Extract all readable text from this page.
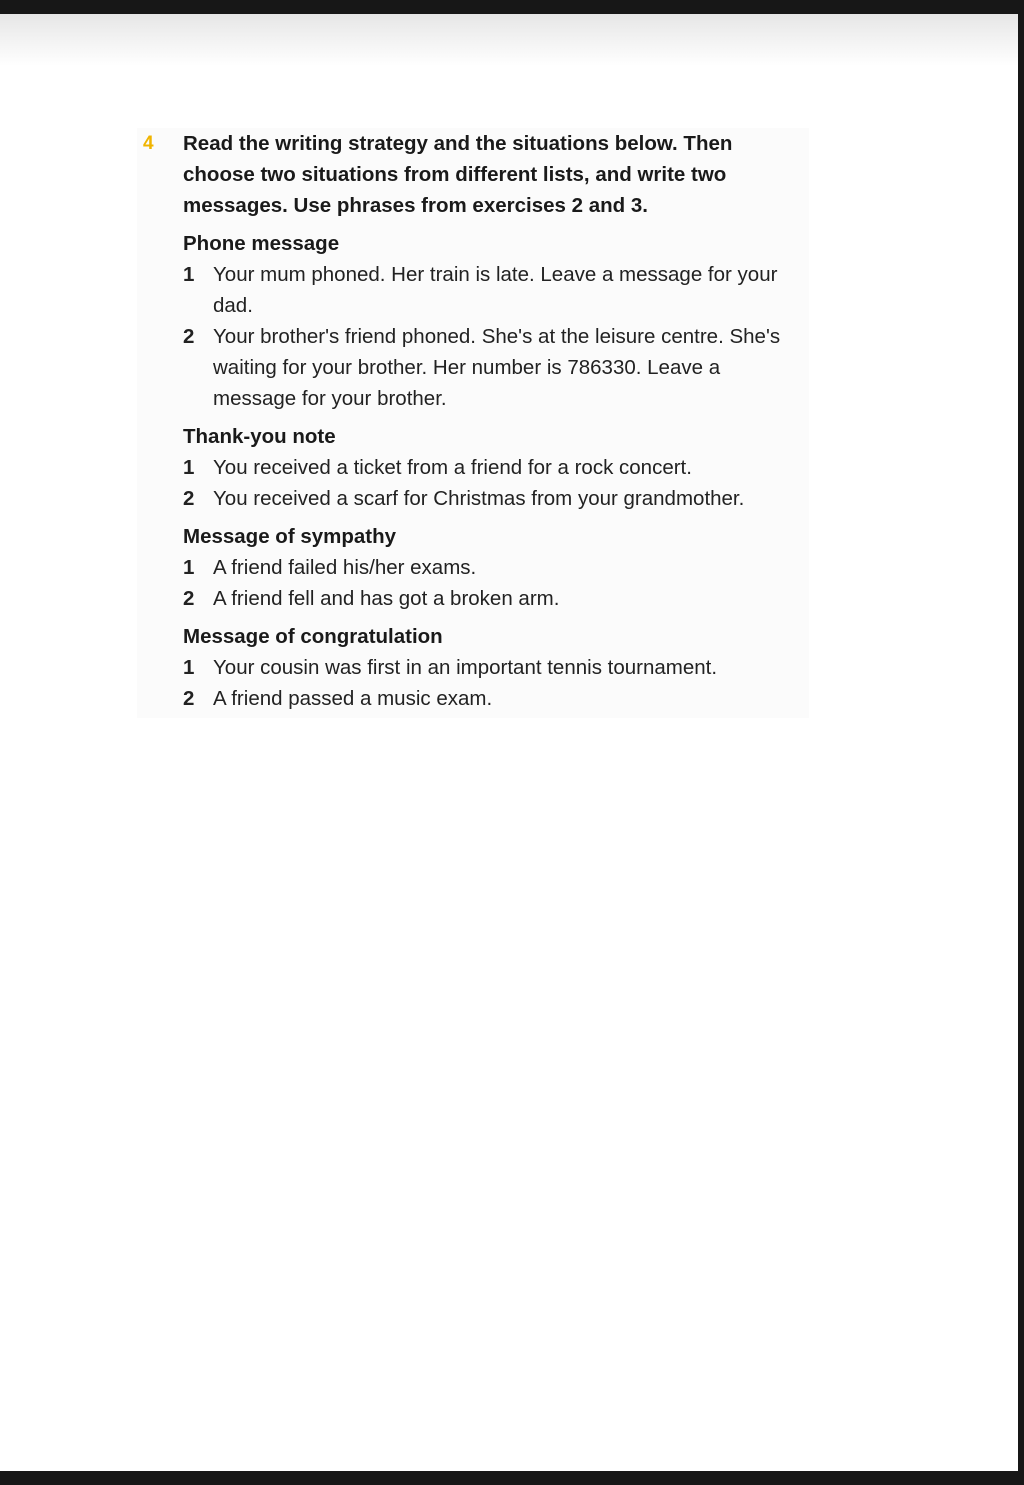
4 Read the writing strategy and the situations below. Then choose two situations from different lists, and write two messages. Use phrases from exercises 2 and 3.

Phone message
1 Your mum phoned. Her train is late. Leave a message for your dad.
2 Your brother's friend phoned. She's at the leisure centre. She's waiting for your brother. Her number is 786330. Leave a message for your brother.
Thank-you note
1 You received a ticket from a friend for a rock concert.
2 You received a scarf for Christmas from your grandmother.
Message of sympathy
1 A friend failed his/her exams.
2 A friend fell and has got a broken arm.
Message of congratulation
1 Your cousin was first in an important tennis tournament.
2 A friend passed a music exam.
